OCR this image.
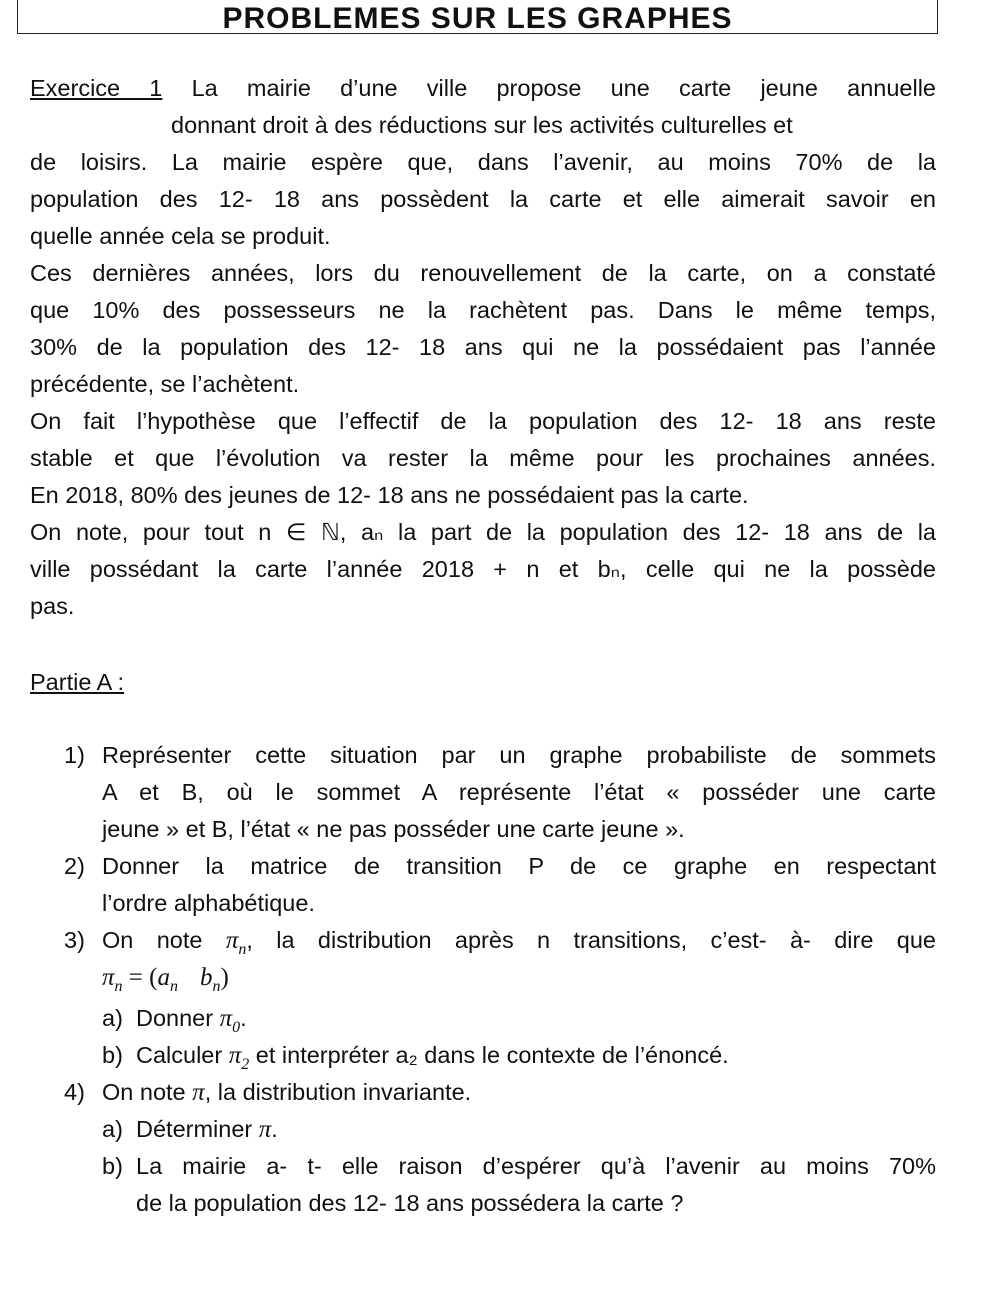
PROBLEMES SUR LES GRAPHES
Exercice 1 La mairie d’une ville propose une carte jeune annuelle
donnant droit à des réductions sur les activités culturelles et
de loisirs. La mairie espère que, dans l’avenir, au moins 70% de la
population des 12- 18 ans possèdent la carte et elle aimerait savoir en
quelle année cela se produit.
Ces dernières années, lors du renouvellement de la carte, on a constaté
que 10% des possesseurs ne la rachètent pas. Dans le même temps,
30% de la population des 12- 18 ans qui ne la possédaient pas l’année
précédente, se l’achètent.
On fait l’hypothèse que l’effectif de la population des 12- 18 ans reste
stable et que l’évolution va rester la même pour les prochaines années.
En 2018, 80% des jeunes de 12- 18 ans ne possédaient pas la carte.
On note, pour tout n ∈ ℕ, aₙ la part de la population des 12- 18 ans de la
ville possédant la carte l’année 2018 + n et bₙ, celle qui ne la possède
pas.
Partie A :
1) Représenter cette situation par un graphe probabiliste de sommets
A et B, où le sommet A représente l’état « posséder une carte
jeune » et B, l’état « ne pas posséder une carte jeune ».
2) Donner la matrice de transition P de ce graphe en respectant
l’ordre alphabétique.
3) On note $\pi_n$, la distribution après n transitions, c’est- à- dire que
$\pi_n = (a_n$ $b_n$)
a) Donner $\pi_0$.
b) Calculer $\pi_2$ et interpréter a₂ dans le contexte de l’énoncé.
4) On note π, la distribution invariante.
a) Déterminer π.
b) La mairie a- t- elle raison d’espérer qu’à l’avenir au moins 70%
de la population des 12- 18 ans possédera la carte ?
